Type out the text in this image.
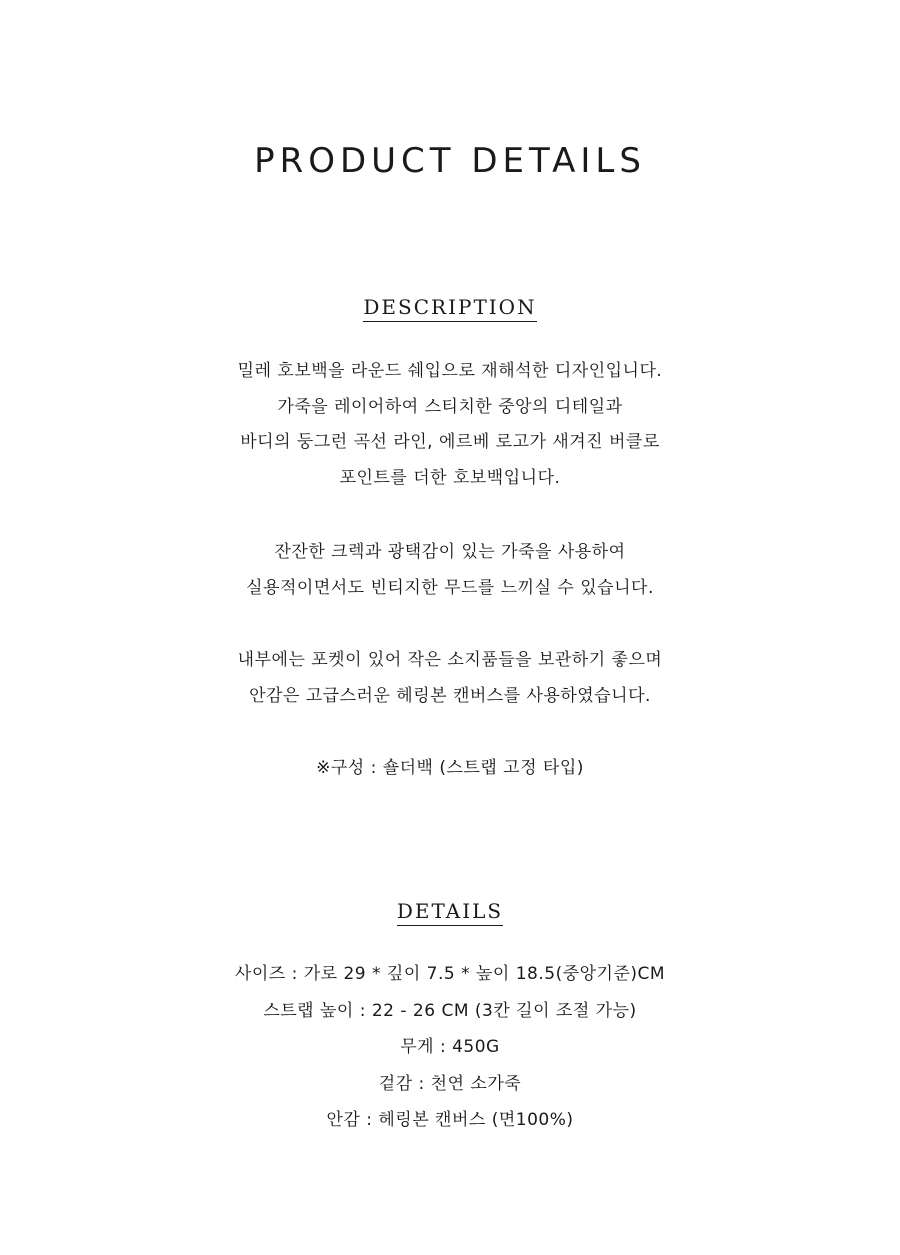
PRODUCT DETAILS
DESCRIPTION
밀레 호보백을 라운드 쉐입으로 재해석한 디자인입니다.
가죽을 레이어하여 스티치한 중앙의 디테일과
바디의 둥그런 곡선 라인, 에르베 로고가 새겨진 버클로
포인트를 더한 호보백입니다.
잔잔한 크렉과 광택감이 있는 가죽을 사용하여
실용적이면서도 빈티지한 무드를 느끼실 수 있습니다.
내부에는 포켓이 있어 작은 소지품들을 보관하기 좋으며
안감은 고급스러운 헤링본 캔버스를 사용하였습니다.
※구성 : 숄더백 (스트랩 고정 타입)
DETAILS
사이즈 : 가로 29 * 깊이 7.5 * 높이 18.5(중앙기준)CM
스트랩 높이 : 22 - 26 CM (3칸 길이 조절 가능)
무게 : 450G
겉감 : 천연 소가죽
안감 : 헤링본 캔버스 (면100%)
